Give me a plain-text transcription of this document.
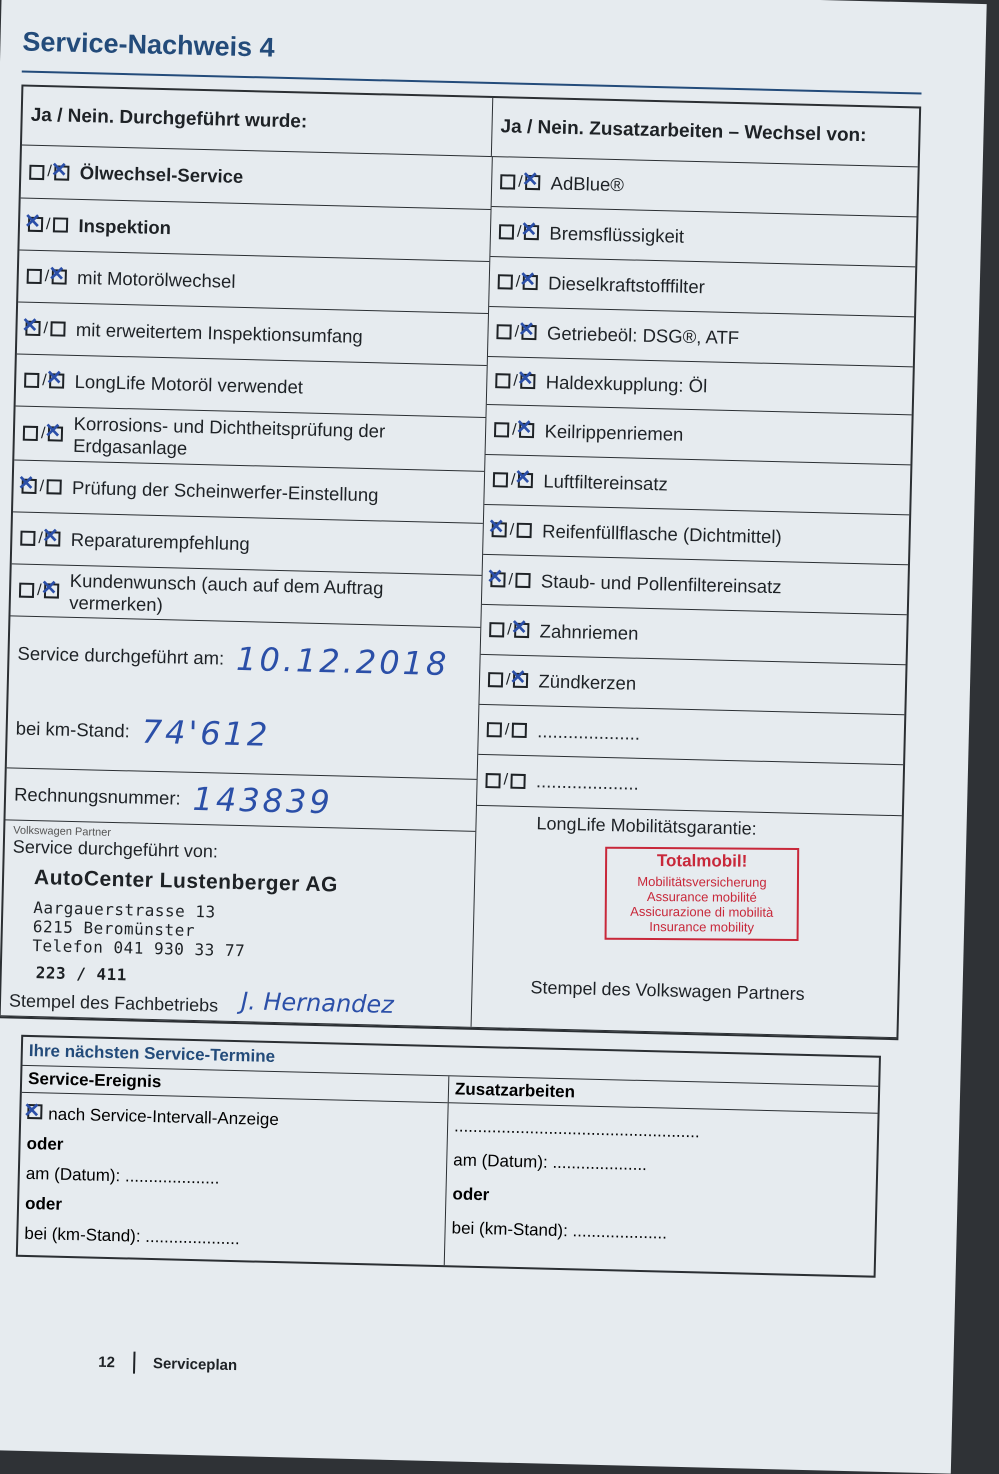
Service-Nachweis 4
Ja / Nein. Durchgeführt wurde:	Ja / Nein. Zusatzarbeiten – Wechsel von:
/ ✕ Ölwechsel-Service
✕
/ Inspektion
/ ✕ mit Motorölwechsel
✕
/ mit erweitertem Inspektionsumfang
/ ✕ LongLife Motoröl verwendet
/ ✕ Korrosions- und Dichtheitsprüfung der Erdgasanlage
✕
/ Prüfung der Scheinwerfer-Einstellung
/ ✕ Reparaturempfehlung
/ ✕ Kundenwunsch (auch auf dem Auftrag vermerken)
Service durchgeführt am: 10.12.2018
bei km-Stand: 74'612
Rechnungsnummer: 143839
Volkswagen Partner
Service durchgeführt von:
AutoCenter Lustenberger AG
Aargauerstrasse 13
6215 Beromünster
Telefon 041 930 33 77
223 / 411
Stempel des Fachbetriebs J. Hernandez
/ ✕ AdBlue®
/ ✕ Bremsflüssigkeit
/ ✕ Dieselkraftstofffilter
/ ✕ Getriebeöl: DSG®, ATF
/ ✕ Haldexkupplung: Öl
/ ✕ Keilrippenriemen
/ ✕ Luftfiltereinsatz
✕
/ Reifenfüllflasche (Dichtmittel)
✕
/ Staub- und Pollenfiltereinsatz
/ ✕ Zahnriemen
/ ✕ Zündkerzen
/ ....................
/ ....................
LongLife Mobilitätsgarantie:
Totalmobil!
Mobilitätsversicherung
Assurance mobilité
Assicurazione di mobilità
Insurance mobility
Stempel des Volkswagen Partners
Ihre nächsten Service-Termine
Service-Ereignis
✕nach Service-Intervall-Anzeige
oder
am (Datum): ....................
oder
bei (km-Stand): ....................
Zusatzarbeiten
....................................................
am (Datum): ....................
oder
bei (km-Stand): ....................
12	Serviceplan
